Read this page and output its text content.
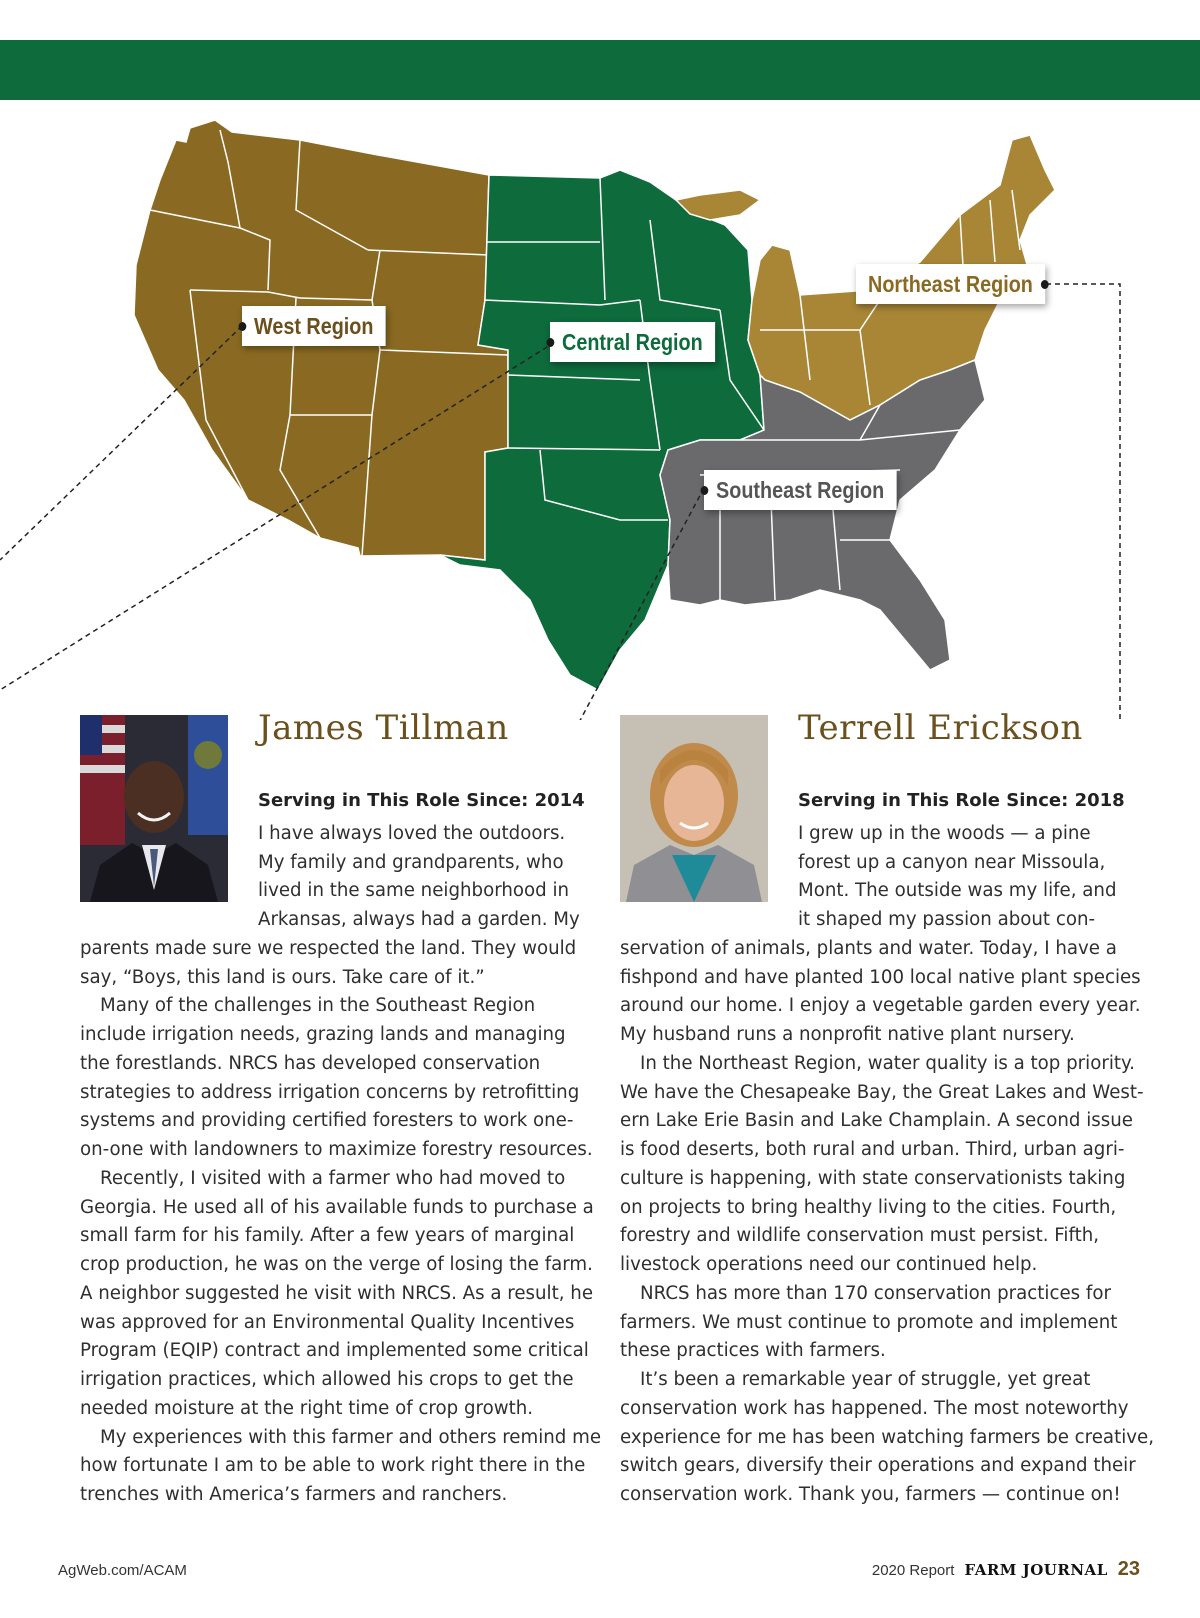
West Region
Central Region
Northeast Region
Southeast Region
James Tillman
Serving in This Role Since: 2014
Terrell Erickson
Serving in This Role Since: 2018
I have always loved the outdoors.
My family and grandparents, who
lived in the same neighborhood in
Arkansas, always had a garden. My
parents made sure we respected the land. They would
say, “Boys, this land is ours. Take care of it.”
Many of the challenges in the Southeast Region
include irrigation needs, grazing lands and managing
the forestlands. NRCS has developed conservation
strategies to address irrigation concerns by retrofitting
systems and providing certified foresters to work one-
on-one with landowners to maximize forestry resources.
Recently, I visited with a farmer who had moved to
Georgia. He used all of his available funds to purchase a
small farm for his family. After a few years of marginal
crop production, he was on the verge of losing the farm.
A neighbor suggested he visit with NRCS. As a result, he
was approved for an Environmental Quality Incentives
Program (EQIP) contract and implemented some critical
irrigation practices, which allowed his crops to get the
needed moisture at the right time of crop growth.
My experiences with this farmer and others remind me
how fortunate I am to be able to work right there in the
trenches with America’s farmers and ranchers.
I grew up in the woods — a pine
forest up a canyon near Missoula,
Mont. The outside was my life, and
it shaped my passion about con-
servation of animals, plants and water. Today, I have a
fishpond and have planted 100 local native plant species
around our home. I enjoy a vegetable garden every year.
My husband runs a nonprofit native plant nursery.
In the Northeast Region, water quality is a top priority.
We have the Chesapeake Bay, the Great Lakes and West-
ern Lake Erie Basin and Lake Champlain. A second issue
is food deserts, both rural and urban. Third, urban agri-
culture is happening, with state conservationists taking
on projects to bring healthy living to the cities. Fourth,
forestry and wildlife conservation must persist. Fifth,
livestock operations need our continued help.
NRCS has more than 170 conservation practices for
farmers. We must continue to promote and implement
these practices with farmers.
It’s been a remarkable year of struggle, yet great
conservation work has happened. The most noteworthy
experience for me has been watching farmers be creative,
switch gears, diversify their operations and expand their
conservation work. Thank you, farmers — continue on!
AgWeb.com/ACAM	2020 Report FARM JOURNAL 23
